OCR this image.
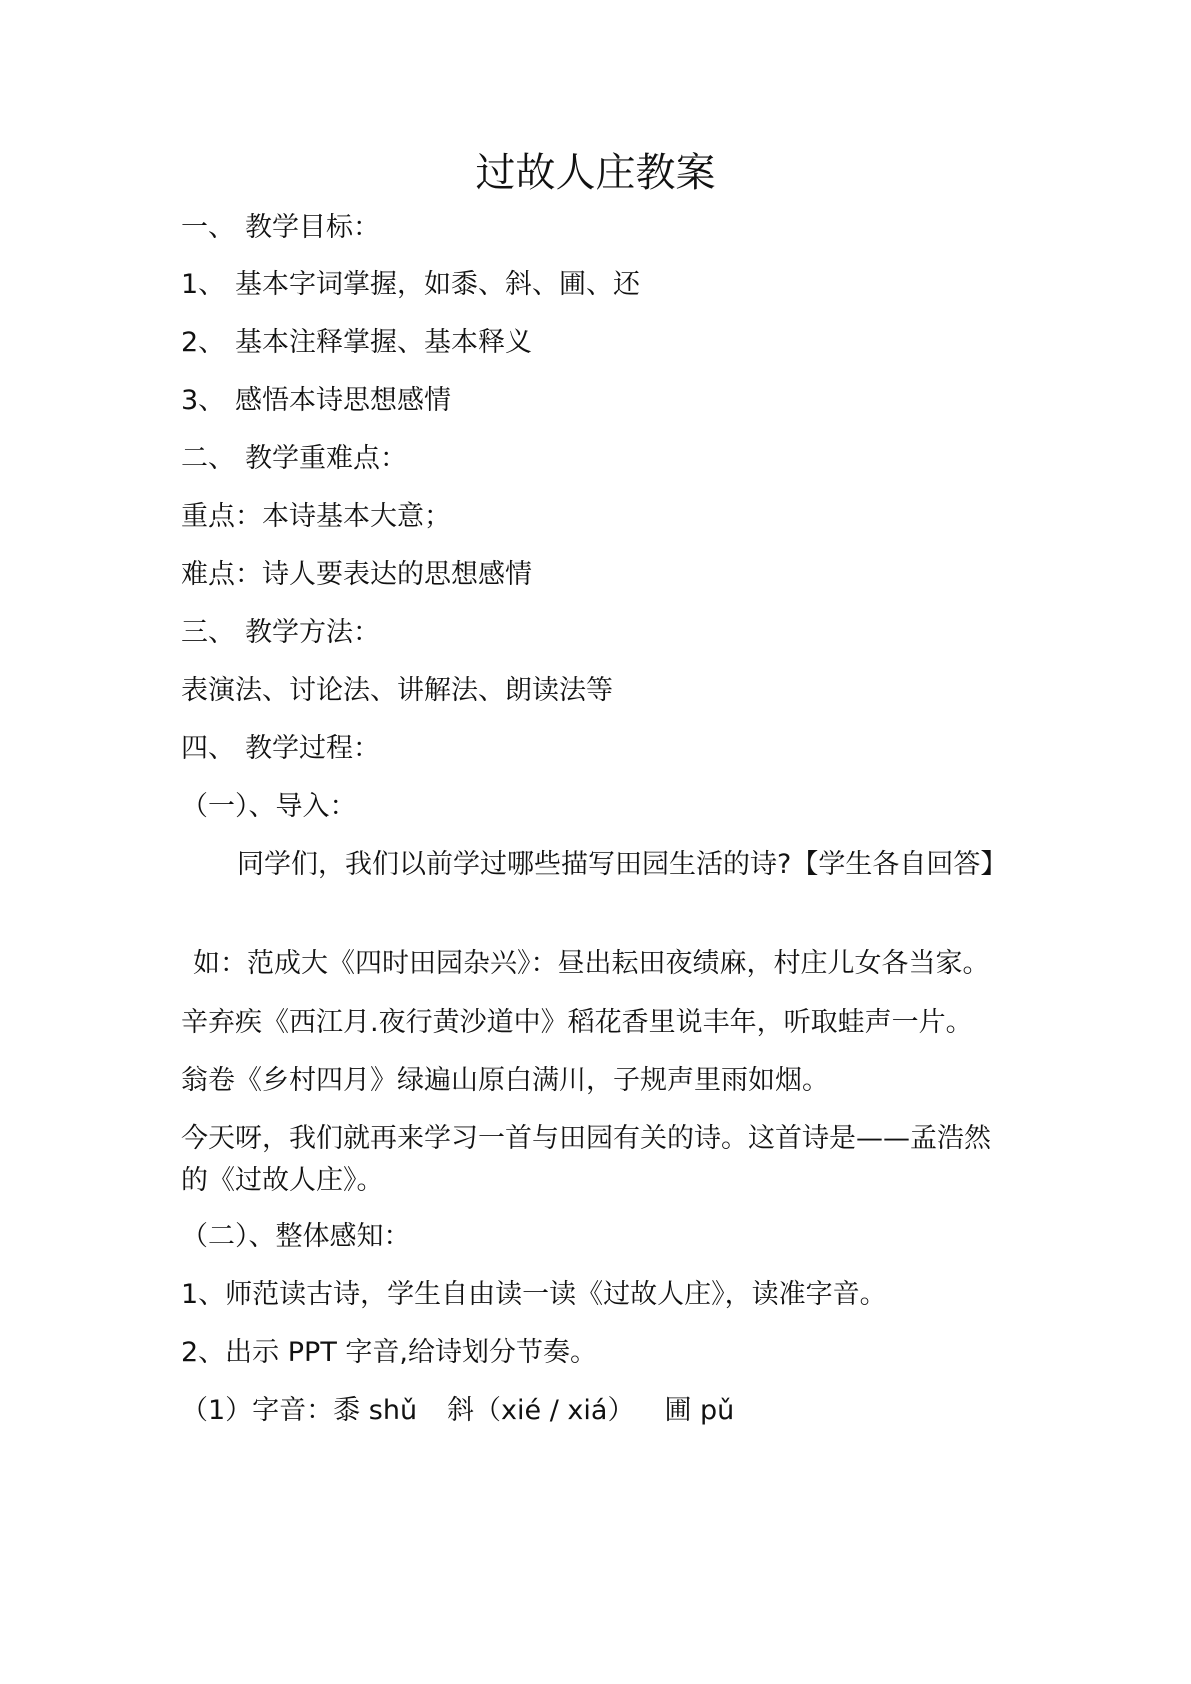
过故人庄教案

一、 教学目标：

1、 基本字词掌握，如黍、斜、圃、还

2、 基本注释掌握、基本释义

3、 感悟本诗思想感情

二、 教学重难点：

重点：本诗基本大意；

难点：诗人要表达的思想感情

三、 教学方法：

表演法、讨论法、讲解法、朗读法等

四、 教学过程：

（一）、导入：

同学们，我们以前学过哪些描写田园生活的诗?【学生各自回答】

如：范成大《四时田园杂兴》：昼出耘田夜绩麻，村庄儿女各当家。

辛弃疾《西江月.夜行黄沙道中》稻花香里说丰年，听取蛙声一片。

翁卷《乡村四月》绿遍山原白满川，子规声里雨如烟。

今天呀，我们就再来学习一首与田园有关的诗。这首诗是——孟浩然的《过故人庄》。

（二）、整体感知：

1、师范读古诗，学生自由读一读《过故人庄》，读准字音。

2、出示 PPT 字音,给诗划分节奏。

（1）字音：黍 shǔ 斜（xié / xiá） 圃 pǔ
